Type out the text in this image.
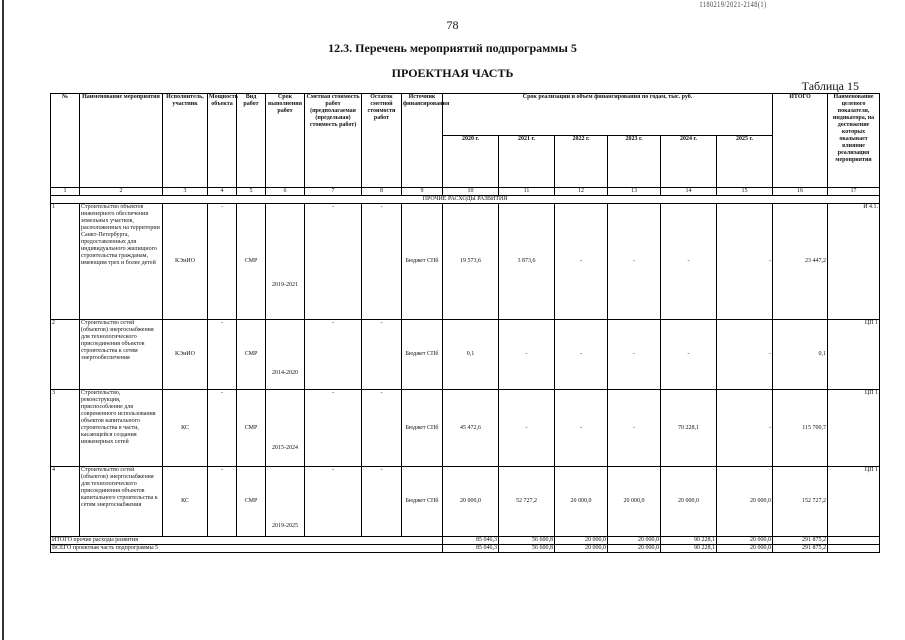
1180219/2021-2148(1)
78
12.3. Перечень мероприятий подпрограммы 5
ПРОЕКТНАЯ ЧАСТЬ
Таблица 15
№	Наименование мероприятия	Исполнитель, участник	Мощность объекта	Вид работ	Срок выполнения работ	Сметная стоимость работ (предполагаемая (предельная) стоимость работ)	Остаток сметной стоимости работ	Источник финансирования	Срок реализации и объем финансирования по годам, тыс. руб.						ИТОГО	Наименование целевого показателя, индикатора, на достижение которых оказывает влияние реализация мероприятия
									2020 г.	2021 г.	2022 г.	2023 г.	2024 г.	2025 г.		
1	2	3	4	5	6	7	8	9	10	11	12	13	14	15	16	17
ПРОЧИЕ РАСХОДЫ РАЗВИТИЯ																
1	Строительство объектов инженерного обеспечения земельных участков, расположенных на территории Санкт-Петербурга, предоставленных для индивидуального жилищного строительства гражданам, имеющим трех и более детей	КЭиИО	-	СМР	2019-2021	-	-	Бюджет СПб	19 573,6	3 873,6	-	-	-	-	23 447,2	И 4.1.
2	Строительство сетей (объектов) энергоснабжения для технологического присоединения объектов строительства к сетям энергообеспечения	КЭиИО	-	СМР	2014-2020	-	-	Бюджет СПб	0,1	-	-	-	-	-	0,1	ЦП 1
3	Строительство, реконструкция, приспособление для современного использования объектов капитального строительства в части, касающейся создания инженерных сетей	КС	-	СМР	2015-2024	-	-	Бюджет СПб	45 472,6	-	-	-	70 228,1	-	115 700,7	ЦП 1
4	Строительство сетей (объектов) энергоснабжения для технологического присоединения объектов капитального строительства к сетям энергоснабжения	КС	-	СМР	2019-2025	-	-	Бюджет СПб	20 000,0	52 727,2	20 000,0	20 000,0	20 000,0	20 000,0	152 727,2	ЦП 1
ИТОГО прочие расходы развития									85 046,3	56 600,8	20 000,0	20 000,0	90 228,1	20 000,0	291 875,2	
ВСЕГО проектная часть подпрограммы 5									85 046,3	56 600,8	20 000,0	20 000,0	90 228,1	20 000,0	291 875,2	
